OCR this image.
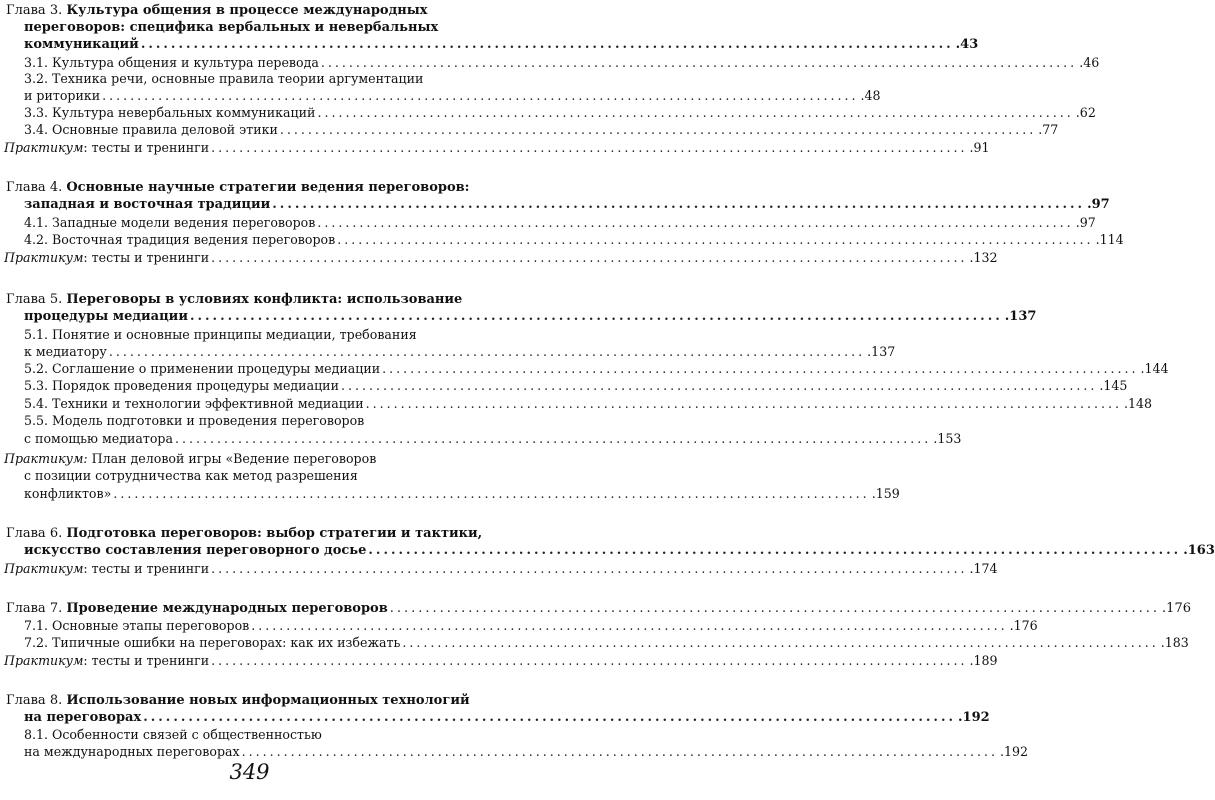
Глава 3. Культура общения в процессе международных
переговоров: специфика вербальных и невербальных
коммуникаций ............................................................................................................ .43
3.1. Культура общения и культура перевода ............................................................................................................ .46
3.2. Техника речи, основные правила теории аргументации
и риторики ............................................................................................................ .48
3.3. Культура невербальных коммуникаций ............................................................................................................ .62
3.4. Основные правила деловой этики ............................................................................................................ .77
Практикум: тесты и тренинги ............................................................................................................ .91
Глава 4. Основные научные стратегии ведения переговоров:
западная и восточная традиции ............................................................................................................ .97
4.1. Западные модели ведения переговоров ............................................................................................................ .97
4.2. Восточная традиция ведения переговоров ............................................................................................................ .114
Практикум: тесты и тренинги ............................................................................................................ .132
Глава 5. Переговоры в условиях конфликта: использование
процедуры медиации ............................................................................................................ .137
5.1. Понятие и основные принципы медиации, требования
к медиатору ............................................................................................................ .137
5.2. Соглашение о применении процедуры медиации ............................................................................................................ .144
5.3. Порядок проведения процедуры медиации ............................................................................................................ .145
5.4. Техники и технологии эффективной медиации ............................................................................................................ .148
5.5. Модель подготовки и проведения переговоров
с помощью медиатора ............................................................................................................ .153
Практикум: План деловой игры «Ведение переговоров
с позиции сотрудничества как метод разрешения
конфликтов» ............................................................................................................ .159
Глава 6. Подготовка переговоров: выбор стратегии и тактики,
искусство составления переговорного досье ............................................................................................................ .163
Практикум: тесты и тренинги ............................................................................................................ .174
Глава 7. Проведение международных переговоров ............................................................................................................ .176
7.1. Основные этапы переговоров ............................................................................................................ .176
7.2. Типичные ошибки на переговорах: как их избежать ............................................................................................................ .183
Практикум: тесты и тренинги ............................................................................................................ .189
Глава 8. Использование новых информационных технологий
на переговорах ............................................................................................................ .192
8.1. Особенности связей с общественностью
на международных переговорах ............................................................................................................ .192
349
